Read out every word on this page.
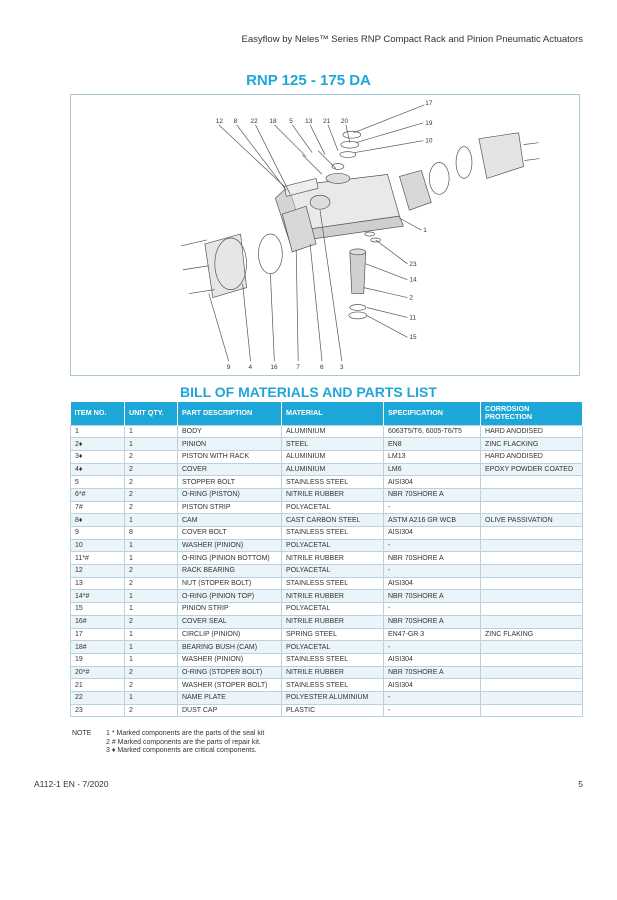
Easyflow by Neles™ Series RNP Compact Rack and Pinion Pneumatic Actuators
RNP 125 - 175 DA
12 8 22 18 5 13 21 20
17
19
10
1
23
14
2
11
15
9	4	16	7	6	3
BILL OF MATERIALS AND PARTS LIST
ITEM NO.	UNIT QTY.	PART DESCRIPTION	MATERIAL	SPECIFICATION	CORROSION PROTECTION
1	1	BODY	ALUMINIUM	6063T5/T6, 6005-T6/T5	HARD ANODISED
2♦	1	PINION	STEEL	EN8	ZINC FLACKING
3♦	2	PISTON WITH RACK	ALUMINIUM	LM13	HARD ANODISED
4♦	2	COVER	ALUMINIUM	LM6	EPOXY POWDER COATED
5	2	STOPPER BOLT	STAINLESS STEEL	AISI304	
6*#	2	O-RING (PISTON)	NITRILE RUBBER	NBR 70SHORE A	
7#	2	PISTON STRIP	POLYACETAL	-	
8♦	1	CAM	CAST CARBON STEEL	ASTM A216 GR WCB	OLIVE PASSIVATION
9	8	COVER BOLT	STAINLESS STEEL	AISI304	
10	1	WASHER (PINION)	POLYACETAL	-	
11*#	1	O-RING (PINION BOTTOM)	NITRILE RUBBER	NBR 70SHORE A	
12	2	RACK BEARING	POLYACETAL	-	
13	2	NUT (STOPER BOLT)	STAINLESS STEEL	AISI304	
14*#	1	O-RING (PINION TOP)	NITRILE RUBBER	NBR 70SHORE A	
15	1	PINION STRIP	POLYACETAL	-	
16#	2	COVER SEAL	NITRILE RUBBER	NBR 70SHORE A	
17	1	CIRCLIP (PINION)	SPRING STEEL	EN47-GR 3	ZINC FLAKING
18#	1	BEARING BUSH (CAM)	POLYACETAL	-	
19	1	WASHER (PINION)	STAINLESS STEEL	AISI304	
20*#	2	O-RING (STOPER BOLT)	NITRILE RUBBER	NBR 70SHORE A	
21	2	WASHER (STOPER BOLT)	STAINLESS STEEL	AISI304	
22	1	NAME PLATE	POLYESTER ALUMINIUM	-	
23	2	DUST CAP	PLASTIC	-	
NOTE 1 * Marked components are the parts of the seal kit
2 # Marked components are the parts of repair kit.
3 ♦ Marked components are critical components.
A112-1 EN - 7/2020	5
